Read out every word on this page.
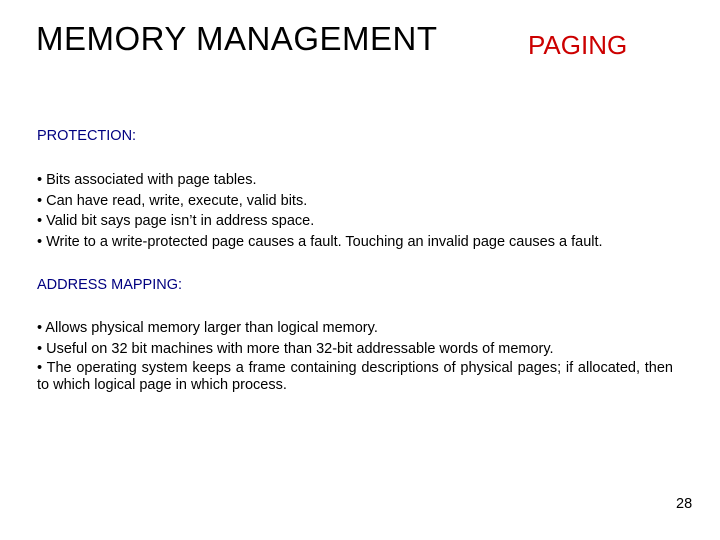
MEMORY MANAGEMENT	PAGING
PROTECTION:

• Bits associated with page tables.

• Can have read, write, execute, valid bits.

• Valid bit says page isn’t in address space.

• Write to a write-protected page causes a fault. Touching an invalid page causes a fault.

ADDRESS MAPPING:

• Allows physical memory larger than logical memory.

• Useful on 32 bit machines with more than 32-bit addressable words of memory.

• The operating system keeps a frame containing descriptions of physical pages; if allocated, then to which logical page in which process.

28
